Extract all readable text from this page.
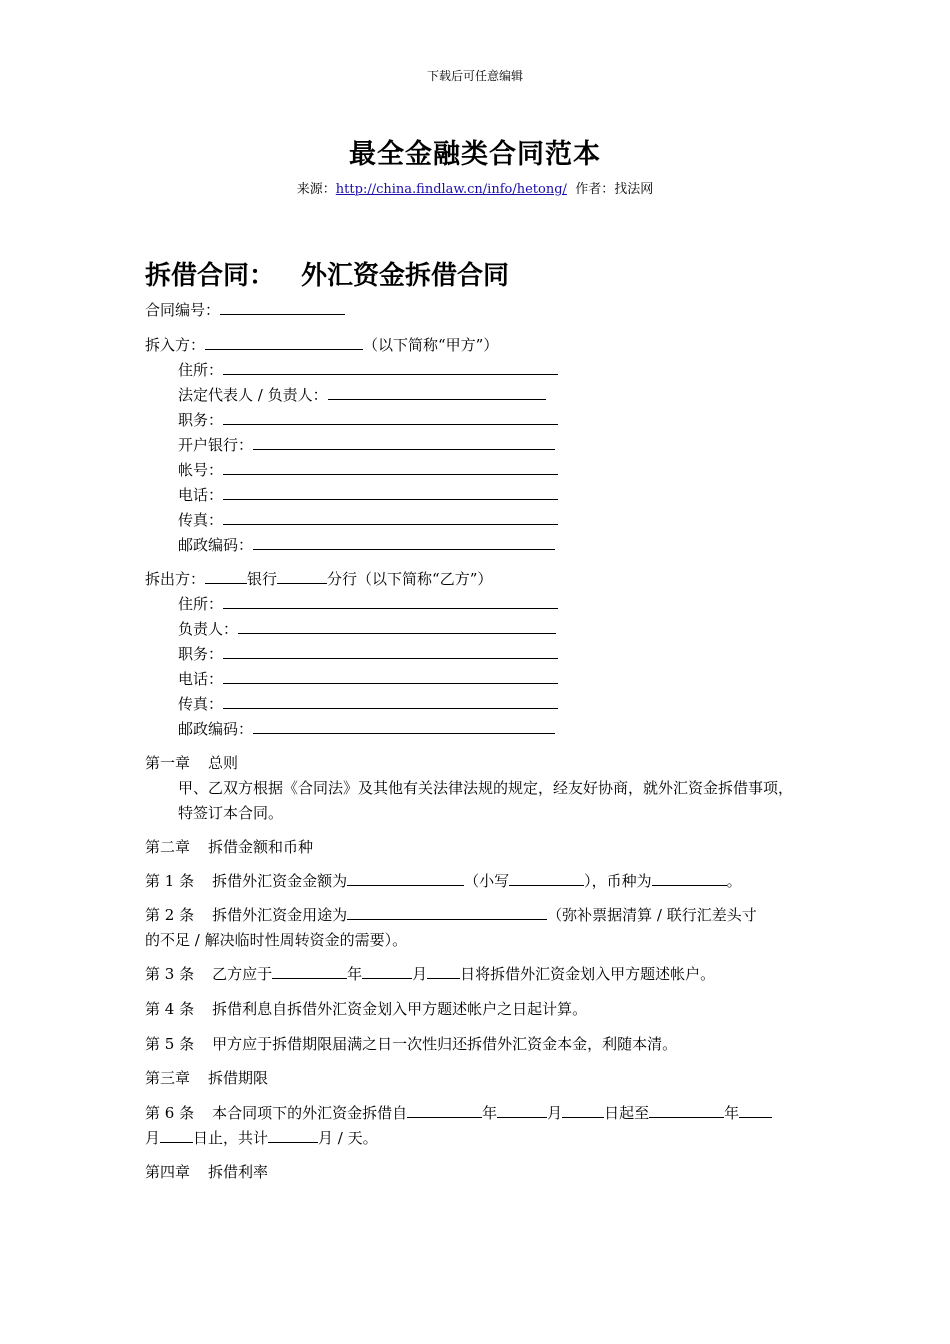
下载后可任意编辑
最全金融类合同范本
来源：http://china.findlaw.cn/info/hetong/ 作者：找法网
拆借合同： 外汇资金拆借合同
合同编号：
拆入方：	（以下简称“甲方”）
住所：
法定代表人 / 负责人：
职务：
开户银行：
帐号：
电话：
传真：
邮政编码：
拆出方：	银行	分行（以下简称“乙方”）
住所：
负责人：
职务：
电话：
传真：
邮政编码：
第一章 总则
甲、乙双方根据《合同法》及其他有关法律法规的规定，经友好协商，就外汇资金拆借事项，特签订本合同。
第二章 拆借金额和币种
第 1 条 拆借外汇资金金额为	（小写	），币种为	。
第 2 条 拆借外汇资金用途为	（弥补票据清算 / 联行汇差头寸
的不足 / 解决临时性周转资金的需要）。
第 3 条 乙方应于	年	月 日将拆借外汇资金划入甲方题述帐户。
第 4 条 拆借利息自拆借外汇资金划入甲方题述帐户之日起计算。
第 5 条 甲方应于拆借期限届满之日一次性归还拆借外汇资金本金，利随本清。
第三章 拆借期限
第 6 条 本合同项下的外汇资金拆借自	年	月	日起至	年
月 日止，共计	月 / 天。
第四章 拆借利率
